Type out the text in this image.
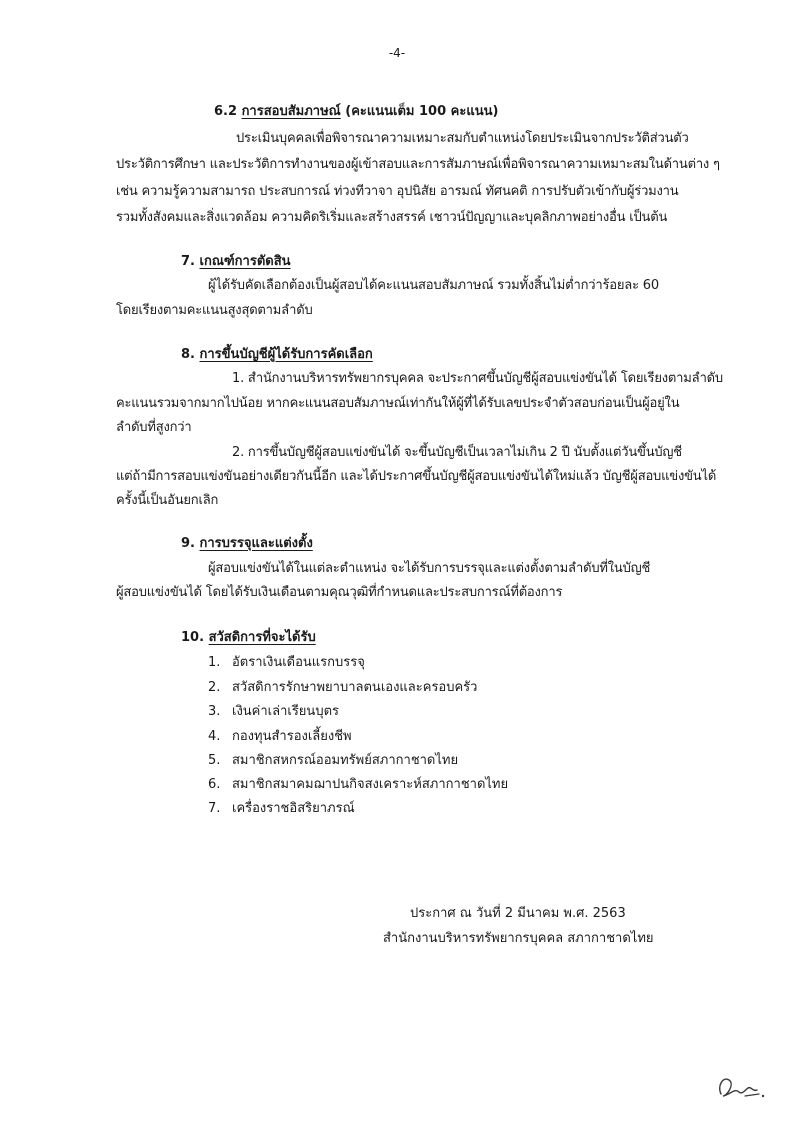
-4-
6.2 การสอบสัมภาษณ์ (คะแนนเต็ม 100 คะแนน)
ประเมินบุคคลเพื่อพิจารณาความเหมาะสมกับตำแหน่งโดยประเมินจากประวัติส่วนตัว
ประวัติการศึกษา และประวัติการทำงานของผู้เข้าสอบและการสัมภาษณ์เพื่อพิจารณาความเหมาะสมในด้านต่าง ๆ
เช่น ความรู้ความสามารถ ประสบการณ์ ท่วงทีวาจา อุปนิสัย อารมณ์ ทัศนคติ การปรับตัวเข้ากับผู้ร่วมงาน
รวมทั้งสังคมและสิ่งแวดล้อม ความคิดริเริ่มและสร้างสรรค์ เชาวน์ปัญญาและบุคลิกภาพอย่างอื่น เป็นต้น
7. เกณฑ์การตัดสิน
ผู้ได้รับคัดเลือกต้องเป็นผู้สอบได้คะแนนสอบสัมภาษณ์ รวมทั้งสิ้นไม่ต่ำกว่าร้อยละ 60
โดยเรียงตามคะแนนสูงสุดตามลำดับ
8. การขึ้นบัญชีผู้ได้รับการคัดเลือก
1. สำนักงานบริหารทรัพยากรบุคคล จะประกาศขึ้นบัญชีผู้สอบแข่งขันได้ โดยเรียงตามลำดับ
คะแนนรวมจากมากไปน้อย หากคะแนนสอบสัมภาษณ์เท่ากันให้ผู้ที่ได้รับเลขประจำตัวสอบก่อนเป็นผู้อยู่ใน
ลำดับที่สูงกว่า
2. การขึ้นบัญชีผู้สอบแข่งขันได้ จะขึ้นบัญชีเป็นเวลาไม่เกิน 2 ปี นับตั้งแต่วันขึ้นบัญชี
แต่ถ้ามีการสอบแข่งขันอย่างเดียวกันนี้อีก และได้ประกาศขึ้นบัญชีผู้สอบแข่งขันได้ใหม่แล้ว บัญชีผู้สอบแข่งขันได้
ครั้งนี้เป็นอันยกเลิก
9. การบรรจุและแต่งตั้ง
ผู้สอบแข่งขันได้ในแต่ละตำแหน่ง จะได้รับการบรรจุและแต่งตั้งตามลำดับที่ในบัญชี
ผู้สอบแข่งขันได้ โดยได้รับเงินเดือนตามคุณวุฒิที่กำหนดและประสบการณ์ที่ต้องการ
10. สวัสดิการที่จะได้รับ
1. อัตราเงินเดือนแรกบรรจุ
2. สวัสดิการรักษาพยาบาลตนเองและครอบครัว
3. เงินค่าเล่าเรียนบุตร
4. กองทุนสำรองเลี้ยงชีพ
5. สมาชิกสหกรณ์ออมทรัพย์สภากาชาดไทย
6. สมาชิกสมาคมฌาปนกิจสงเคราะห์สภากาชาดไทย
7. เครื่องราชอิสริยาภรณ์
ประกาศ ณ วันที่ 2 มีนาคม พ.ศ. 2563
สำนักงานบริหารทรัพยากรบุคคล สภากาชาดไทย
